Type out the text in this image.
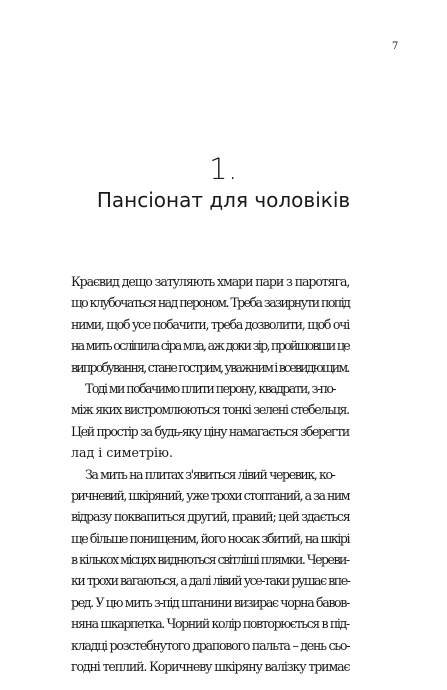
7
1.
Пансіонат для чоловіків
Краєвид дещо затуляють хмари пари з паротяга,
що клубочаться над пероном. Треба зазирнути попід
ними, щоб усе побачити, треба дозволити, щоб очі
на мить осліпила сіра мла, аж доки зір, пройшовши це
випробування, стане гострим, уважним і всевидющим.
Тоді ми побачимо плити перону, квадрати, з-по-
між яких вистромлюються тонкі зелені стебельця.
Цей простір за будь-яку ціну намагається зберегти
лад і симетрію.
За мить на плитах з'явиться лівий черевик, ко-
ричневий, шкіряний, уже трохи стоптаний, а за ним
відразу поквапиться другий, правий; цей здається
ще більше понищеним, його носак збитий, на шкірі
в кількох місцях виднються світліші плямки. Череви-
ки трохи вагаються, а далі лівий усе-таки рушає впе-
ред. У цю мить з-під штанини визирає чорна бавов-
няна шкарпетка. Чорний колір повторюється в під-
кладці розстебнутого драпового пальта – день сьо-
годні теплий. Коричневу шкіряну валізку тримає
